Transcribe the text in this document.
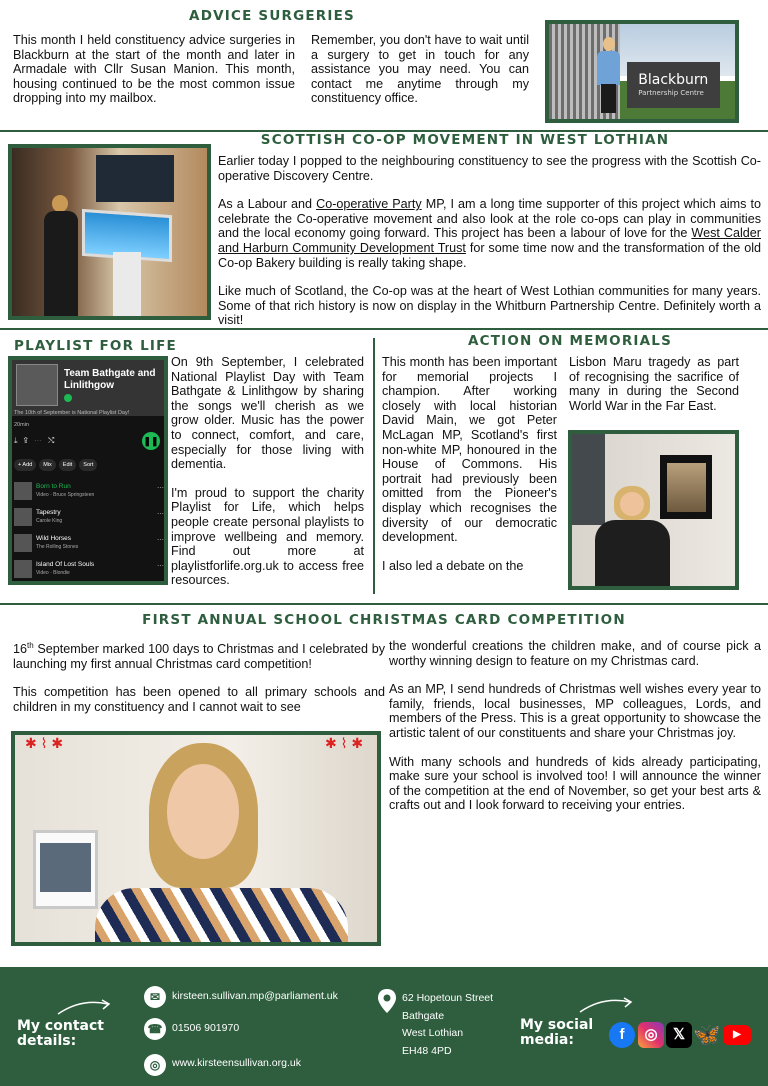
ADVICE SURGERIES
This month I held constituency advice surgeries in Blackburn at the start of the month and later in Armadale with Cllr Susan Manion. This month, housing continued to be the most common issue dropping into my mailbox.
Remember, you don't have to wait until a surgery to get in touch for any assistance you may need. You can contact me anytime through my constituency office.
Blackburn
Partnership Centre
SCOTTISH CO-OP MOVEMENT IN WEST LOTHIAN

Earlier today I popped to the neighbouring constituency to see the progress with the Scottish Co-operative Discovery Centre.

As a Labour and Co-operative Party MP, I am a long time supporter of this project which aims to celebrate the Co-operative movement and also look at the role co-ops can play in communities and the local economy going forward. This project has been a labour of love for the West Calder and Harburn Community Development Trust for some time now and the transformation of the old Co-op Bakery building is really taking shape.

Like much of Scotland, the Co-op was at the heart of West Lothian communities for many years. Some of that rich history is now on display in the Whitburn Partnership Centre. Definitely worth a visit!

PLAYLIST FOR LIFE
Team Bathgate and Linlithgow
The 10th of September is National Playlist Day!
20min
⤓⇪⋯⤭	❚❚
+ Add	Mix	Edit	Sort
Born to Run
Video · Bruce Springsteen
⋯
Tapestry
Carole King
⋯
Wild Horses
The Rolling Stones
⋯
Island Of Lost Souls
Video · Blondie
⋯

On 9th September, I celebrated National Playlist Day with Team Bathgate & Linlithgow by sharing the songs we'll cherish as we grow older. Music has the power to connect, comfort, and care, especially for those living with dementia.

I'm proud to support the charity Playlist for Life, which helps people create personal playlists to improve wellbeing and memory. Find out more at playlistforlife.org.uk to access free resources.

ACTION ON MEMORIALS

This month has been important for memorial projects I champion. After working closely with local historian David Main, we got Peter McLagan MP, Scotland's first non-white MP, honoured in the House of Commons. His portrait had previously been omitted from the Pioneer's display which recognises the diversity of our democratic development.

I also led a debate on the

Lisbon Maru tragedy as part of recognising the sacrifice of many in during the Second World War in the Far East.
FIRST ANNUAL SCHOOL CHRISTMAS CARD COMPETITION

16th September marked 100 days to Christmas and I celebrated by launching my first annual Christmas card competition!

This competition has been opened to all primary schools and children in my constituency and I cannot wait to see

✱ ⌇ ✱	✱ ⌇ ✱

the wonderful creations the children make, and of course pick a worthy winning design to feature on my Christmas card.

As an MP, I send hundreds of Christmas well wishes every year to family, friends, local businesses, MP colleagues, Lords, and members of the Press. This is a great opportunity to showcase the artistic talent of our constituents and share your Christmas joy.

With many schools and hundreds of kids already participating, make sure your school is involved too! I will announce the winner of the competition at the end of November, so get your best arts & crafts out and I look forward to receiving your entries.

My contact details:
✉	kirsteen.sullivan.mp@parliament.uk
☎ 01506 901970
◎	www.kirsteensullivan.org.uk
62 Hopetoun Street
Bathgate
West Lothian
EH48 4PD
My social media:	f	◎	𝕏 🦋	▶
